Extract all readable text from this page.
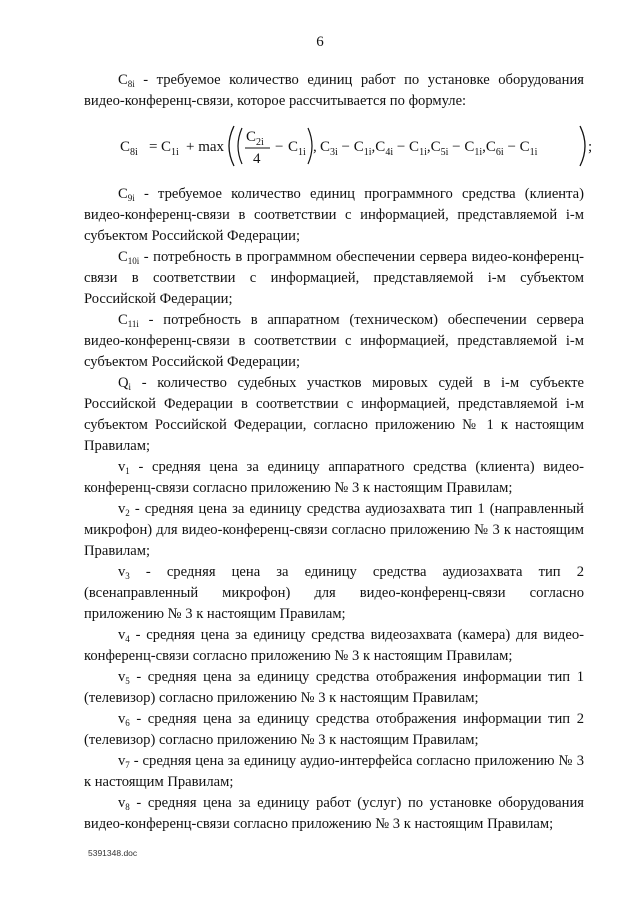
6

$C_{8i}$ - требуемое количество единиц работ по установке оборудования видео-конференц-связи, которое рассчитывается по формуле:

$C_{8i} = C_{1i} + \max$
$C_{2i}$
4
− $C_{1i}$ , $C_{3i} - C_{1i},C_{4i} - C_{1i},C_{5i} - C_{1i},C_{6i} - C_{1i}$	;

$C_{9i}$ - требуемое количество единиц программного средства (клиента) видео-конференц-связи в соответствии с информацией, представляемой i-м субъектом Российской Федерации;

$C_{10i}$ - потребность в программном обеспечении сервера видео-конференц-связи в соответствии с информацией, представляемой i-м субъектом Российской Федерации;

$C_{11i}$ - потребность в аппаратном (техническом) обеспечении сервера видео-конференц-связи в соответствии с информацией, представляемой i-м субъектом Российской Федерации;

$Q_i$ - количество судебных участков мировых судей в i-м субъекте Российской Федерации в соответствии с информацией, представляемой i-м субъектом Российской Федерации, согласно приложению № 1 к настоящим Правилам;

$v_1$ - средняя цена за единицу аппаратного средства (клиента) видео-конференц-связи согласно приложению № 3 к настоящим Правилам;

$v_2$ - средняя цена за единицу средства аудиозахвата тип 1 (направленный микрофон) для видео-конференц-связи согласно приложению № 3 к настоящим Правилам;

$v_3$ - средняя цена за единицу средства аудиозахвата тип 2 (всенаправленный микрофон) для видео-конференц-связи согласно приложению № 3 к настоящим Правилам;

$v_4$ - средняя цена за единицу средства видеозахвата (камера) для видео-конференц-связи согласно приложению № 3 к настоящим Правилам;

$v_5$ - средняя цена за единицу средства отображения информации тип 1 (телевизор) согласно приложению № 3 к настоящим Правилам;

$v_6$ - средняя цена за единицу средства отображения информации тип 2 (телевизор) согласно приложению № 3 к настоящим Правилам;

$v_7$ - средняя цена за единицу аудио-интерфейса согласно приложению № 3 к настоящим Правилам;

$v_8$ - средняя цена за единицу работ (услуг) по установке оборудования видео-конференц-связи согласно приложению № 3 к настоящим Правилам;

5391348.doc
